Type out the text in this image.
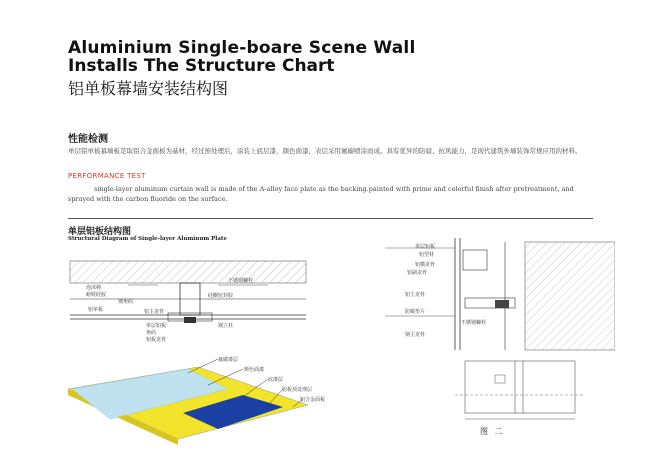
Aluminium Single-boare Scene Wall
Installs The Structure Chart
铝单板幕墙安装结构图
性能检测
单层铝单板幕墙板是取铝合金面板为基材，经过预处理后，涂装上底层漆，颜色面漆，表层采用氟碳喷涂而成。具有优异的防腐、抗风能力，是现代建筑外墙装饰常规应用的材料。
PERFORMANCE TEST
single-layer aluminum curtain wall is made of the A-alloy face plate as the backing.painted with prime and colorful finish after pretreatment, and sprayed with the carbon fluoride on the surface.
单层铝板结构图
Structural Diagram of Single-layer Aluminum Plate
泡沫棒
耐候硅胶
钢角码
铝单板
不锈钢螺栓
硅酮密封胶
单层铝板
角码
铝板龙骨
铝主龙骨
钢立柱
单层铝板
铝型材
铝横龙骨
铝副龙骨
铝主龙骨
防腐垫片
不锈钢螺栓
钢主龙骨
氟碳漆层
颜色面漆
底漆层
铝板预处理层
铝合金面板
图 二
